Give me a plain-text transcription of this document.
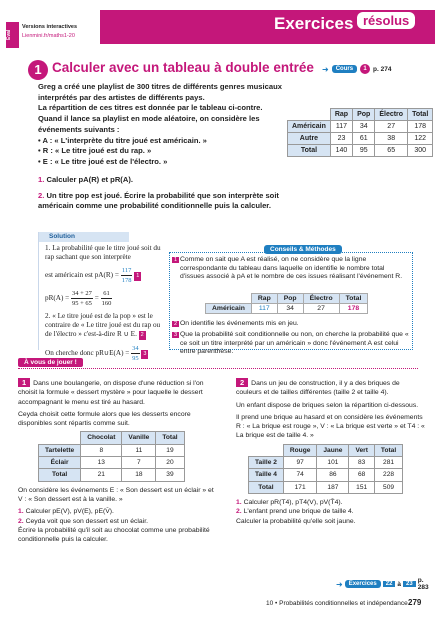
Éval
Versions interactives
Lienmini.fr/maths1-20
Exercices résolus
1 Calculer avec un tableau à double entrée ➜	Cours	1 p. 274

Greg a créé une playlist de 300 titres de différents genres musicaux interprétés par des artistes de différents pays.

La répartition de ces titres est donnée par le tableau ci-contre.

Quand il lance sa playlist en mode aléatoire, on considère les événements suivants :

• A : « L'interprète du titre joué est américain. »

• R : « Le titre joué est du rap. »

• E : « Le titre joué est de l'électro. »

	Rap	Pop	Électro	Total
Américain	117	34	27	178
Autre	23	61	38	122
Total	140	95	65	300

1. Calculer pA(R) et pR(A).

2. Un titre pop est joué. Écrire la probabilité que son interprète soit américain comme une probabilité conditionnelle puis la calculer.

Solution

1. La probabilité que le titre joué soit du rap sachant que son interprète

est américain est $pA(R) = \frac{117}{178} 1$

$pR(A) = \frac{34 + 27}{95 + 65} = \frac{61}{160}$

2. « Le titre joué est de la pop » est le contraire de « Le titre joué est du rap ou de l'électro » c'est-à-dire R ∪ E. 2

On cherche donc pR∪E(A) = $\frac{34}{95} 3$

1 Comme on sait que A est réalisé, on ne considère que la ligne correspondante du tableau dans laquelle on identifie le nombre total d'issues associé à pA et le nombre de ces issues réalisant l'événement R.
	Rap	Pop	Électro	Total
Américain	117	34	27	178
2 On identifie les événements mis en jeu.
3 Que la probabilité soit conditionnelle ou non, on cherche la probabilité que « ce soit un titre interprété par un américain » donc l'événement A est celui entre parenthèse.
Conseils & Méthodes
À vous de jouer !

1 Dans une boulangerie, on dispose d'une réduction si l'on choisit la formule « dessert mystère » pour laquelle le dessert accompagnant le menu est tiré au hasard.

Ceyda choisit cette formule alors que les desserts encore disponibles sont répartis comme suit.

	Chocolat	Vanille	Total
Tartelette	8	11	19
Éclair	13	7	20
Total	21	18	39

On considère les événements E : « Son dessert est un éclair » et V : « Son dessert est à la vanille. »

1. Calculer pE(V), pV(E), pE(V̄).

2. Ceyda voit que son dessert est un éclair.

Écrire la probabilité qu'il soit au chocolat comme une probabilité conditionnelle puis la calculer.

2 Dans un jeu de construction, il y a des briques de couleurs et de tailles différentes (taille 2 et taille 4).

Un enfant dispose de briques selon la répartition ci-dessous.

Il prend une brique au hasard et on considère les événements R : « La brique est rouge », V : « La brique est verte » et T4 : « La brique est de taille 4. »

	Rouge	Jaune	Vert	Total
Taille 2	97	101	83	281
Taille 4	74	86	68	228
Total	171	187	151	509

1. Calculer pR(T4), pT4(V), pV(T̄4).

2. L'enfant prend une brique de taille 4.

Calculer la probabilité qu'elle soit jaune.

➜	Exercices	22 à 23 p. 283
10 • Probabilités conditionnelles et indépendance 279
